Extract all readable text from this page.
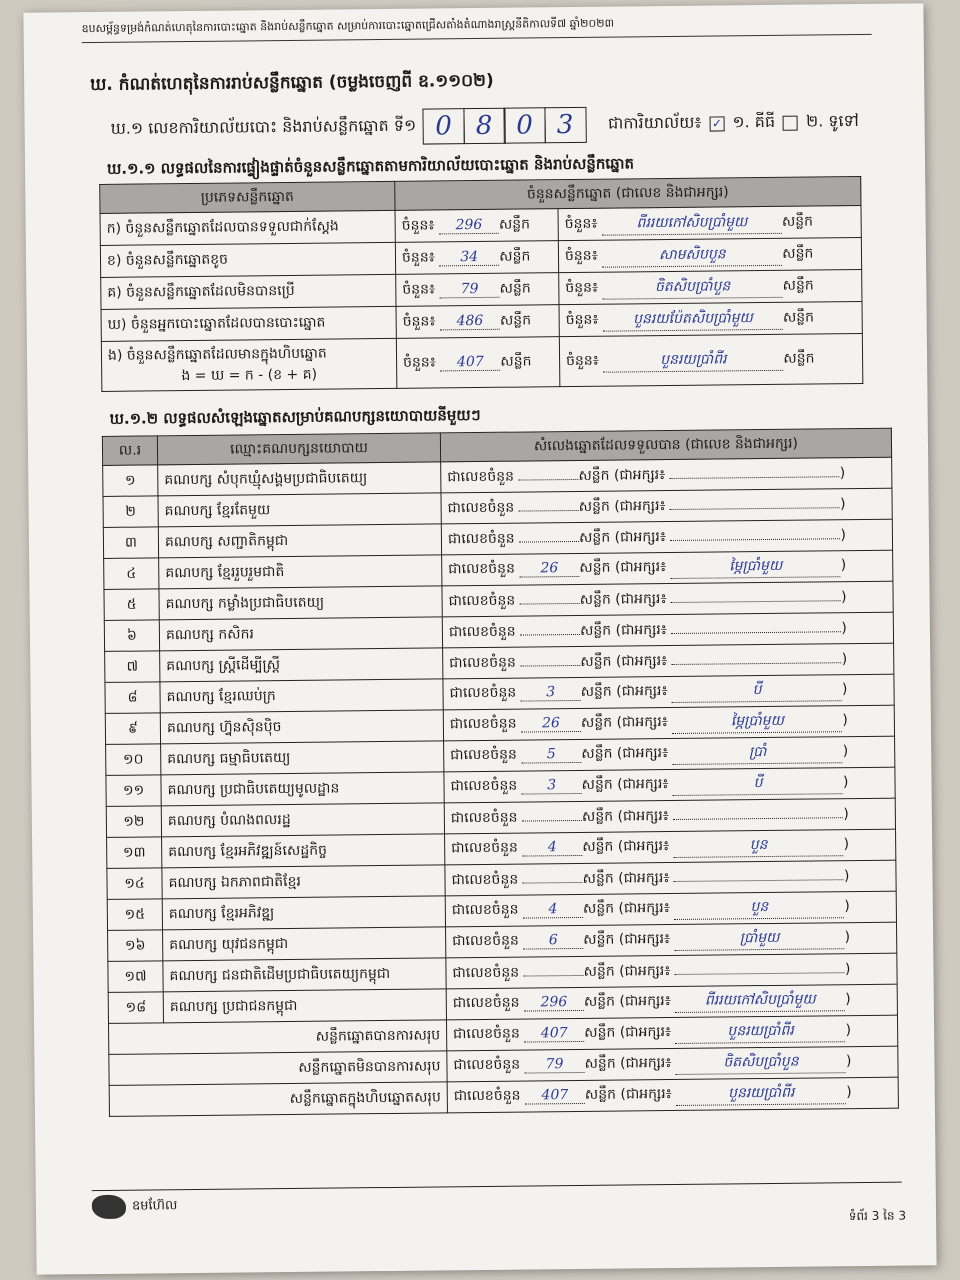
ឧបសម្ព័ន្ធទម្រង់កំណត់ហេតុនៃការបោះឆ្នោត និងរាប់សន្លឹកឆ្នោត សម្រាប់ការបោះឆ្នោតជ្រើសតាំងតំណាងរាស្ត្រនីតិកាលទី៧ ឆ្នាំ២០២៣
ឃ. កំណត់ហេតុនៃការរាប់សន្លឹកឆ្នោត (ចម្លងចេញពី ឧ.១១០២)
ឃ.១ លេខការិយាល័យបោះ និងរាប់សន្លឹកឆ្នោត ទី១ 0 8 0 3	ជាការិយាល័យ៖ ✓ ១. គីធី ២. ទូទៅ
ឃ.១.១ លទ្ធផលនៃការផ្ទៀងផ្ទាត់ចំនួនសន្លឹកឆ្នោតតាមការិយាល័យបោះឆ្នោត និងរាប់សន្លឹកឆ្នោត
ប្រភេទសន្លឹកឆ្នោត	ចំនួនសន្លឹកឆ្នោត (ជាលេខ និងជាអក្សរ)	
ក) ចំនួនសន្លឹកឆ្នោតដែលបានទទួលជាក់ស្តែង	ចំនួន៖ 296 សន្លឹក	ចំនួន៖ ពីររយកៅសិបប្រាំមួយ សន្លឹក
ខ) ចំនួនសន្លឹកឆ្នោតខូច	ចំនួន៖ 34 សន្លឹក	ចំនួន៖ សាមសិបបួន សន្លឹក
គ) ចំនួនសន្លឹកឆ្នោតដែលមិនបានប្រើ	ចំនួន៖ 79 សន្លឹក	ចំនួន៖ ចិតសិបប្រាំបួន សន្លឹក
ឃ) ចំនួនអ្នកបោះឆ្នោតដែលបានបោះឆ្នោត	ចំនួន៖ 486 សន្លឹក	ចំនួន៖ បួនរយប៉ែតសិបប្រាំមួយ សន្លឹក

ង) ចំនួនសន្លឹកឆ្នោតដែលមានក្នុងហិបឆ្នោត
ង = ឃ = ក - (ខ + គ)	ចំនួន៖ 407 សន្លឹក	ចំនួន៖ បួនរយប្រាំពីរ សន្លឹក
ឃ.១.២ លទ្ធផលសំឡេងឆ្នោតសម្រាប់គណបក្សនយោបាយនីមួយៗ
ល.រ	ឈ្មោះគណបក្សនយោបាយ	សំលេងឆ្នោតដែលទទួលបាន (ជាលេខ និងជាអក្សរ)
១	គណបក្ស សំបុកឃ្មុំសង្គមប្រជាធិបតេយ្យ	ជាលេខចំនួន សន្លឹក (ជាអក្សរ៖ )
២	គណបក្ស ខ្មែរតែមួយ	ជាលេខចំនួន សន្លឹក (ជាអក្សរ៖ )
៣	គណបក្ស សញ្ជាតិកម្ពុជា	ជាលេខចំនួន សន្លឹក (ជាអក្សរ៖ )
៤	គណបក្ស ខ្មែររួបរួមជាតិ	ជាលេខចំនួន 26 សន្លឹក (ជាអក្សរ៖ ម្ភៃប្រាំមួយ )
៥	គណបក្ស កម្លាំងប្រជាធិបតេយ្យ	ជាលេខចំនួន សន្លឹក (ជាអក្សរ៖ )
៦	គណបក្ស កសិករ	ជាលេខចំនួន សន្លឹក (ជាអក្សរ៖ )
៧	គណបក្ស ស្ត្រីដើម្បីស្ត្រី	ជាលេខចំនួន សន្លឹក (ជាអក្សរ៖ )
៨	គណបក្ស ខ្មែរឈប់ក្រ	ជាលេខចំនួន 3 សន្លឹក (ជាអក្សរ៖ បី )
៩	គណបក្ស ហ្វ៊ុនស៊ិនប៉ិច	ជាលេខចំនួន 26 សន្លឹក (ជាអក្សរ៖ ម្ភៃប្រាំមួយ )
១០	គណបក្ស ធម្មាធិបតេយ្យ	ជាលេខចំនួន 5 សន្លឹក (ជាអក្សរ៖ ប្រាំ )
១១	គណបក្ស ប្រជាធិបតេយ្យមូលដ្ឋាន	ជាលេខចំនួន 3 សន្លឹក (ជាអក្សរ៖ បី )
១២	គណបក្ស បំណងពលរដ្ឋ	ជាលេខចំនួន សន្លឹក (ជាអក្សរ៖ )
១៣	គណបក្ស ខ្មែរអភិវឌ្ឍន៍សេដ្ឋកិច្ច	ជាលេខចំនួន 4 សន្លឹក (ជាអក្សរ៖ បួន )
១៤	គណបក្ស ឯកភាពជាតិខ្មែរ	ជាលេខចំនួន សន្លឹក (ជាអក្សរ៖ )
១៥	គណបក្ស ខ្មែរអភិវឌ្ឍ	ជាលេខចំនួន 4 សន្លឹក (ជាអក្សរ៖ បួន )
១៦	គណបក្ស យុវជនកម្ពុជា	ជាលេខចំនួន 6 សន្លឹក (ជាអក្សរ៖ ប្រាំមួយ )
១៧	គណបក្ស ជនជាតិដើមប្រជាធិបតេយ្យកម្ពុជា	ជាលេខចំនួន សន្លឹក (ជាអក្សរ៖ )
១៨	គណបក្ស ប្រជាជនកម្ពុជា	ជាលេខចំនួន 296 សន្លឹក (ជាអក្សរ៖ ពីររយកៅសិបប្រាំមួយ )
សន្លឹកឆ្នោតបានការសរុប		ជាលេខចំនួន 407 សន្លឹក (ជាអក្សរ៖ បួនរយប្រាំពីរ )
សន្លឹកឆ្នោតមិនបានការសរុប		ជាលេខចំនួន 79 សន្លឹក (ជាអក្សរ៖ ចិតសិបប្រាំបួន )
សន្លឹកឆ្នោតក្នុងហិបឆ្នោតសរុប		ជាលេខចំនួន 407 សន្លឹក (ជាអក្សរ៖ បួនរយប្រាំពីរ )
ឧមហ៊ែល
ទំព័រ 3 នៃ 3
